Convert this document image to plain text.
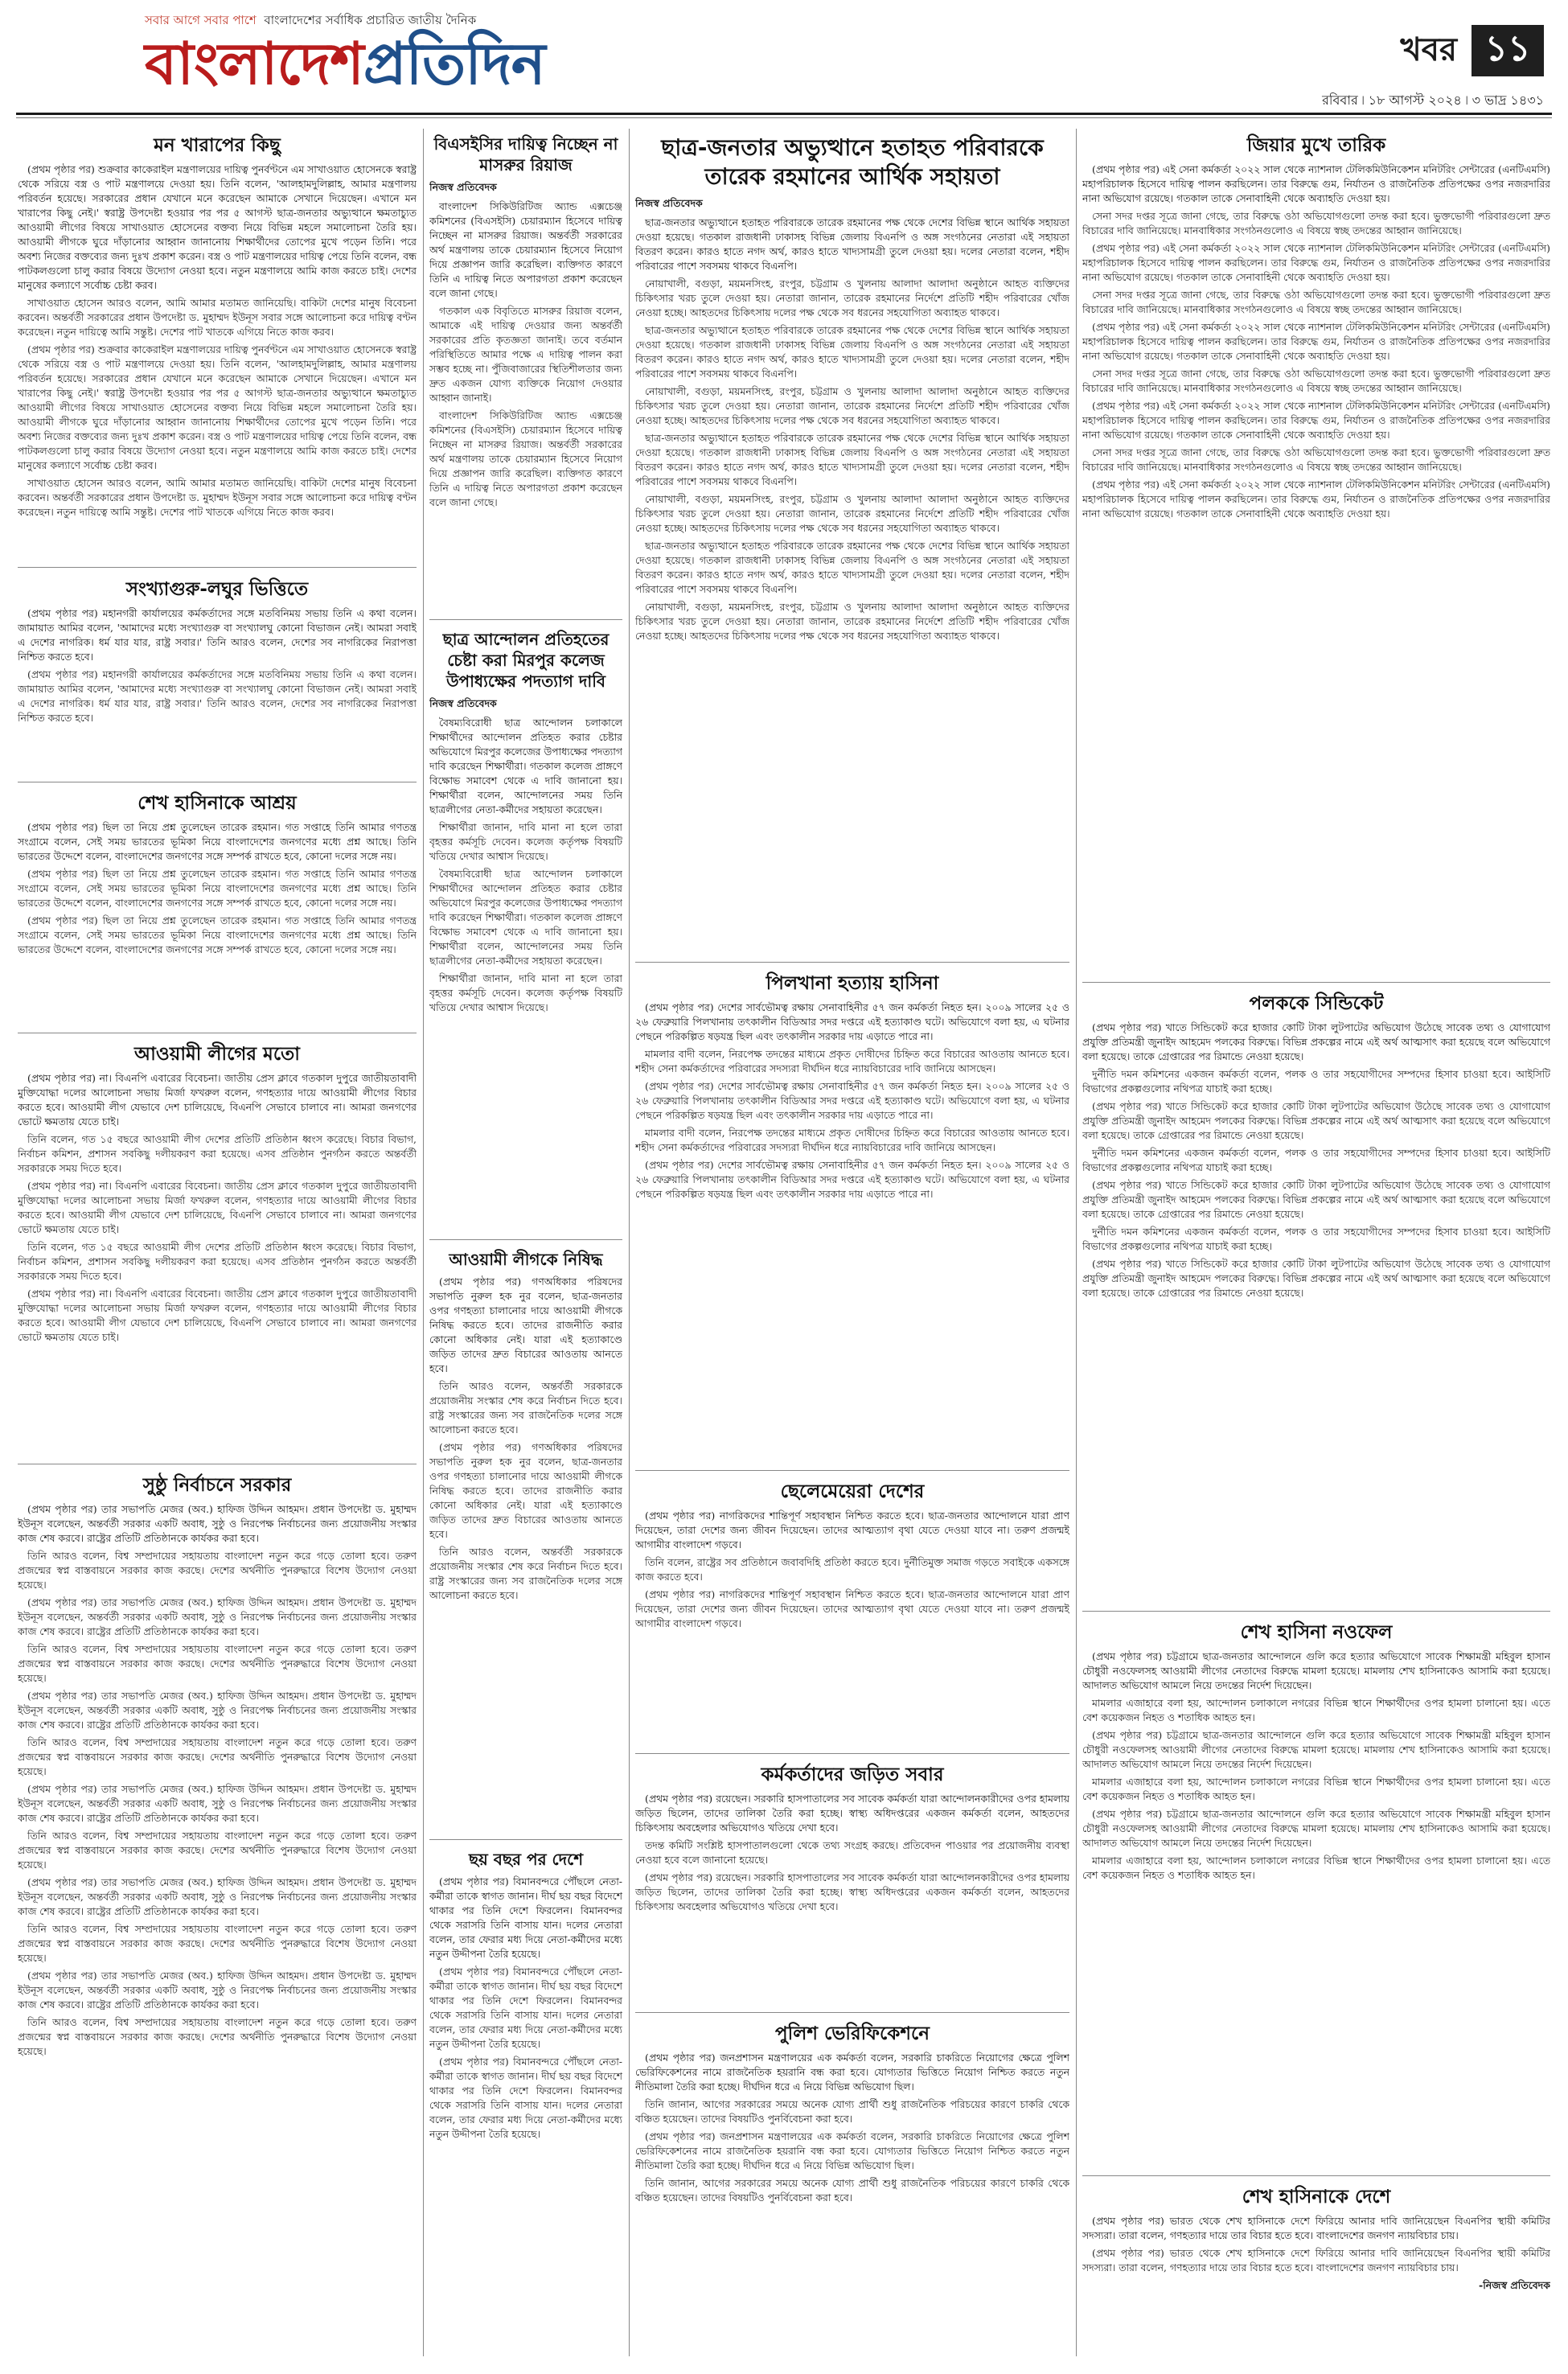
সবার আগে সবার পাশে বাংলাদেশের সর্বাধিক প্রচারিত জাতীয় দৈনিক
বাংলাদেশপ্রতিদিন	খবর ১১
রবিবার ৷ ১৮ আগস্ট ২০২৪ ৷ ৩ ভাদ্র ১৪৩১
মন খারাপের কিছু

(প্রথম পৃষ্ঠার পর) শুক্রবার কাকেরাইল মন্ত্রণালয়ের দায়িত্ব পুনর্বণ্টনে এম সাখাওয়াত হোসেনকে স্বরাষ্ট্র থেকে সরিয়ে বস্ত্র ও পাট মন্ত্রণালয়ে দেওয়া হয়। তিনি বলেন, 'আলহামদুলিল্লাহ, আমার মন্ত্রণালয় পরিবর্তন হয়েছে। সরকারের প্রধান যেখানে মনে করেছেন আমাকে সেখানে দিয়েছেন। এখানে মন খারাপের কিছু নেই।' স্বরাষ্ট্র উপদেষ্টা হওয়ার পর পর ৫ আগস্ট ছাত্র-জনতার অভ্যুত্থানে ক্ষমতাচ্যুত আওয়ামী লীগের বিষয়ে সাখাওয়াত হোসেনের বক্তব্য নিয়ে বিভিন্ন মহলে সমালোচনা তৈরি হয়। আওয়ামী লীগকে ঘুরে দাঁড়ানোর আহ্বান জানানোয় শিক্ষার্থীদের তোপের মুখে পড়েন তিনি। পরে অবশ্য নিজের বক্তব্যের জন্য দুঃখ প্রকাশ করেন। বস্ত্র ও পাট মন্ত্রণালয়ের দায়িত্ব পেয়ে তিনি বলেন, বন্ধ পাটকলগুলো চালু করার বিষয়ে উদ্যোগ নেওয়া হবে। নতুন মন্ত্রণালয়ে আমি কাজ করতে চাই। দেশের মানুষের কল্যাণে সর্বোচ্চ চেষ্টা করব।

সাখাওয়াত হোসেন আরও বলেন, আমি আমার মতামত জানিয়েছি। বাকিটা দেশের মানুষ বিবেচনা করবেন। অন্তর্বর্তী সরকারের প্রধান উপদেষ্টা ড. মুহাম্মদ ইউনূস সবার সঙ্গে আলোচনা করে দায়িত্ব বণ্টন করেছেন। নতুন দায়িত্বে আমি সন্তুষ্ট। দেশের পাট খাতকে এগিয়ে নিতে কাজ করব।

(প্রথম পৃষ্ঠার পর) শুক্রবার কাকেরাইল মন্ত্রণালয়ের দায়িত্ব পুনর্বণ্টনে এম সাখাওয়াত হোসেনকে স্বরাষ্ট্র থেকে সরিয়ে বস্ত্র ও পাট মন্ত্রণালয়ে দেওয়া হয়। তিনি বলেন, 'আলহামদুলিল্লাহ, আমার মন্ত্রণালয় পরিবর্তন হয়েছে। সরকারের প্রধান যেখানে মনে করেছেন আমাকে সেখানে দিয়েছেন। এখানে মন খারাপের কিছু নেই।' স্বরাষ্ট্র উপদেষ্টা হওয়ার পর পর ৫ আগস্ট ছাত্র-জনতার অভ্যুত্থানে ক্ষমতাচ্যুত আওয়ামী লীগের বিষয়ে সাখাওয়াত হোসেনের বক্তব্য নিয়ে বিভিন্ন মহলে সমালোচনা তৈরি হয়। আওয়ামী লীগকে ঘুরে দাঁড়ানোর আহ্বান জানানোয় শিক্ষার্থীদের তোপের মুখে পড়েন তিনি। পরে অবশ্য নিজের বক্তব্যের জন্য দুঃখ প্রকাশ করেন। বস্ত্র ও পাট মন্ত্রণালয়ের দায়িত্ব পেয়ে তিনি বলেন, বন্ধ পাটকলগুলো চালু করার বিষয়ে উদ্যোগ নেওয়া হবে। নতুন মন্ত্রণালয়ে আমি কাজ করতে চাই। দেশের মানুষের কল্যাণে সর্বোচ্চ চেষ্টা করব।

সাখাওয়াত হোসেন আরও বলেন, আমি আমার মতামত জানিয়েছি। বাকিটা দেশের মানুষ বিবেচনা করবেন। অন্তর্বর্তী সরকারের প্রধান উপদেষ্টা ড. মুহাম্মদ ইউনূস সবার সঙ্গে আলোচনা করে দায়িত্ব বণ্টন করেছেন। নতুন দায়িত্বে আমি সন্তুষ্ট। দেশের পাট খাতকে এগিয়ে নিতে কাজ করব।

সংখ্যাগুরু-লঘুর ভিত্তিতে

(প্রথম পৃষ্ঠার পর) মহানগরী কার্যালয়ের কর্মকর্তাদের সঙ্গে মতবিনিময় সভায় তিনি এ কথা বলেন। জামায়াত আমির বলেন, 'আমাদের মধ্যে সংখ্যাগুরু বা সংখ্যালঘু কোনো বিভাজন নেই। আমরা সবাই এ দেশের নাগরিক। ধর্ম যার যার, রাষ্ট্র সবার।' তিনি আরও বলেন, দেশের সব নাগরিকের নিরাপত্তা নিশ্চিত করতে হবে।

(প্রথম পৃষ্ঠার পর) মহানগরী কার্যালয়ের কর্মকর্তাদের সঙ্গে মতবিনিময় সভায় তিনি এ কথা বলেন। জামায়াত আমির বলেন, 'আমাদের মধ্যে সংখ্যাগুরু বা সংখ্যালঘু কোনো বিভাজন নেই। আমরা সবাই এ দেশের নাগরিক। ধর্ম যার যার, রাষ্ট্র সবার।' তিনি আরও বলেন, দেশের সব নাগরিকের নিরাপত্তা নিশ্চিত করতে হবে।

শেখ হাসিনাকে আশ্রয়

(প্রথম পৃষ্ঠার পর) ছিল তা নিয়ে প্রশ্ন তুলেছেন তারেক রহমান। গত সপ্তাহে তিনি আমার গণতন্ত্র সংগ্রামে বলেন, সেই সময় ভারতের ভূমিকা নিয়ে বাংলাদেশের জনগণের মধ্যে প্রশ্ন আছে। তিনি ভারতের উদ্দেশে বলেন, বাংলাদেশের জনগণের সঙ্গে সম্পর্ক রাখতে হবে, কোনো দলের সঙ্গে নয়।

(প্রথম পৃষ্ঠার পর) ছিল তা নিয়ে প্রশ্ন তুলেছেন তারেক রহমান। গত সপ্তাহে তিনি আমার গণতন্ত্র সংগ্রামে বলেন, সেই সময় ভারতের ভূমিকা নিয়ে বাংলাদেশের জনগণের মধ্যে প্রশ্ন আছে। তিনি ভারতের উদ্দেশে বলেন, বাংলাদেশের জনগণের সঙ্গে সম্পর্ক রাখতে হবে, কোনো দলের সঙ্গে নয়।

(প্রথম পৃষ্ঠার পর) ছিল তা নিয়ে প্রশ্ন তুলেছেন তারেক রহমান। গত সপ্তাহে তিনি আমার গণতন্ত্র সংগ্রামে বলেন, সেই সময় ভারতের ভূমিকা নিয়ে বাংলাদেশের জনগণের মধ্যে প্রশ্ন আছে। তিনি ভারতের উদ্দেশে বলেন, বাংলাদেশের জনগণের সঙ্গে সম্পর্ক রাখতে হবে, কোনো দলের সঙ্গে নয়।

আওয়ামী লীগের মতো

(প্রথম পৃষ্ঠার পর) না। বিএনপি এবারের বিবেচনা। জাতীয় প্রেস ক্লাবে গতকাল দুপুরে জাতীয়তাবাদী মুক্তিযোদ্ধা দলের আলোচনা সভায় মির্জা ফখরুল বলেন, গণহত্যার দায়ে আওয়ামী লীগের বিচার করতে হবে। আওয়ামী লীগ যেভাবে দেশ চালিয়েছে, বিএনপি সেভাবে চালাবে না। আমরা জনগণের ভোটে ক্ষমতায় যেতে চাই।

তিনি বলেন, গত ১৫ বছরে আওয়ামী লীগ দেশের প্রতিটি প্রতিষ্ঠান ধ্বংস করেছে। বিচার বিভাগ, নির্বাচন কমিশন, প্রশাসন সবকিছু দলীয়করণ করা হয়েছে। এসব প্রতিষ্ঠান পুনর্গঠন করতে অন্তর্বর্তী সরকারকে সময় দিতে হবে।

(প্রথম পৃষ্ঠার পর) না। বিএনপি এবারের বিবেচনা। জাতীয় প্রেস ক্লাবে গতকাল দুপুরে জাতীয়তাবাদী মুক্তিযোদ্ধা দলের আলোচনা সভায় মির্জা ফখরুল বলেন, গণহত্যার দায়ে আওয়ামী লীগের বিচার করতে হবে। আওয়ামী লীগ যেভাবে দেশ চালিয়েছে, বিএনপি সেভাবে চালাবে না। আমরা জনগণের ভোটে ক্ষমতায় যেতে চাই।

তিনি বলেন, গত ১৫ বছরে আওয়ামী লীগ দেশের প্রতিটি প্রতিষ্ঠান ধ্বংস করেছে। বিচার বিভাগ, নির্বাচন কমিশন, প্রশাসন সবকিছু দলীয়করণ করা হয়েছে। এসব প্রতিষ্ঠান পুনর্গঠন করতে অন্তর্বর্তী সরকারকে সময় দিতে হবে।

(প্রথম পৃষ্ঠার পর) না। বিএনপি এবারের বিবেচনা। জাতীয় প্রেস ক্লাবে গতকাল দুপুরে জাতীয়তাবাদী মুক্তিযোদ্ধা দলের আলোচনা সভায় মির্জা ফখরুল বলেন, গণহত্যার দায়ে আওয়ামী লীগের বিচার করতে হবে। আওয়ামী লীগ যেভাবে দেশ চালিয়েছে, বিএনপি সেভাবে চালাবে না। আমরা জনগণের ভোটে ক্ষমতায় যেতে চাই।

সুষ্ঠু নির্বাচনে সরকার

(প্রথম পৃষ্ঠার পর) তার সভাপতি মেজর (অব.) হাফিজ উদ্দিন আহমদ। প্রধান উপদেষ্টা ড. মুহাম্মদ ইউনূস বলেছেন, অন্তর্বর্তী সরকার একটি অবাধ, সুষ্ঠু ও নিরপেক্ষ নির্বাচনের জন্য প্রয়োজনীয় সংস্কার কাজ শেষ করবে। রাষ্ট্রের প্রতিটি প্রতিষ্ঠানকে কার্যকর করা হবে।

তিনি আরও বলেন, বিশ্ব সম্প্রদায়ের সহায়তায় বাংলাদেশ নতুন করে গড়ে তোলা হবে। তরুণ প্রজন্মের স্বপ্ন বাস্তবায়নে সরকার কাজ করছে। দেশের অর্থনীতি পুনরুদ্ধারে বিশেষ উদ্যোগ নেওয়া হয়েছে।

(প্রথম পৃষ্ঠার পর) তার সভাপতি মেজর (অব.) হাফিজ উদ্দিন আহমদ। প্রধান উপদেষ্টা ড. মুহাম্মদ ইউনূস বলেছেন, অন্তর্বর্তী সরকার একটি অবাধ, সুষ্ঠু ও নিরপেক্ষ নির্বাচনের জন্য প্রয়োজনীয় সংস্কার কাজ শেষ করবে। রাষ্ট্রের প্রতিটি প্রতিষ্ঠানকে কার্যকর করা হবে।

তিনি আরও বলেন, বিশ্ব সম্প্রদায়ের সহায়তায় বাংলাদেশ নতুন করে গড়ে তোলা হবে। তরুণ প্রজন্মের স্বপ্ন বাস্তবায়নে সরকার কাজ করছে। দেশের অর্থনীতি পুনরুদ্ধারে বিশেষ উদ্যোগ নেওয়া হয়েছে।

(প্রথম পৃষ্ঠার পর) তার সভাপতি মেজর (অব.) হাফিজ উদ্দিন আহমদ। প্রধান উপদেষ্টা ড. মুহাম্মদ ইউনূস বলেছেন, অন্তর্বর্তী সরকার একটি অবাধ, সুষ্ঠু ও নিরপেক্ষ নির্বাচনের জন্য প্রয়োজনীয় সংস্কার কাজ শেষ করবে। রাষ্ট্রের প্রতিটি প্রতিষ্ঠানকে কার্যকর করা হবে।

তিনি আরও বলেন, বিশ্ব সম্প্রদায়ের সহায়তায় বাংলাদেশ নতুন করে গড়ে তোলা হবে। তরুণ প্রজন্মের স্বপ্ন বাস্তবায়নে সরকার কাজ করছে। দেশের অর্থনীতি পুনরুদ্ধারে বিশেষ উদ্যোগ নেওয়া হয়েছে।

(প্রথম পৃষ্ঠার পর) তার সভাপতি মেজর (অব.) হাফিজ উদ্দিন আহমদ। প্রধান উপদেষ্টা ড. মুহাম্মদ ইউনূস বলেছেন, অন্তর্বর্তী সরকার একটি অবাধ, সুষ্ঠু ও নিরপেক্ষ নির্বাচনের জন্য প্রয়োজনীয় সংস্কার কাজ শেষ করবে। রাষ্ট্রের প্রতিটি প্রতিষ্ঠানকে কার্যকর করা হবে।

তিনি আরও বলেন, বিশ্ব সম্প্রদায়ের সহায়তায় বাংলাদেশ নতুন করে গড়ে তোলা হবে। তরুণ প্রজন্মের স্বপ্ন বাস্তবায়নে সরকার কাজ করছে। দেশের অর্থনীতি পুনরুদ্ধারে বিশেষ উদ্যোগ নেওয়া হয়েছে।

(প্রথম পৃষ্ঠার পর) তার সভাপতি মেজর (অব.) হাফিজ উদ্দিন আহমদ। প্রধান উপদেষ্টা ড. মুহাম্মদ ইউনূস বলেছেন, অন্তর্বর্তী সরকার একটি অবাধ, সুষ্ঠু ও নিরপেক্ষ নির্বাচনের জন্য প্রয়োজনীয় সংস্কার কাজ শেষ করবে। রাষ্ট্রের প্রতিটি প্রতিষ্ঠানকে কার্যকর করা হবে।

তিনি আরও বলেন, বিশ্ব সম্প্রদায়ের সহায়তায় বাংলাদেশ নতুন করে গড়ে তোলা হবে। তরুণ প্রজন্মের স্বপ্ন বাস্তবায়নে সরকার কাজ করছে। দেশের অর্থনীতি পুনরুদ্ধারে বিশেষ উদ্যোগ নেওয়া হয়েছে।

(প্রথম পৃষ্ঠার পর) তার সভাপতি মেজর (অব.) হাফিজ উদ্দিন আহমদ। প্রধান উপদেষ্টা ড. মুহাম্মদ ইউনূস বলেছেন, অন্তর্বর্তী সরকার একটি অবাধ, সুষ্ঠু ও নিরপেক্ষ নির্বাচনের জন্য প্রয়োজনীয় সংস্কার কাজ শেষ করবে। রাষ্ট্রের প্রতিটি প্রতিষ্ঠানকে কার্যকর করা হবে।

তিনি আরও বলেন, বিশ্ব সম্প্রদায়ের সহায়তায় বাংলাদেশ নতুন করে গড়ে তোলা হবে। তরুণ প্রজন্মের স্বপ্ন বাস্তবায়নে সরকার কাজ করছে। দেশের অর্থনীতি পুনরুদ্ধারে বিশেষ উদ্যোগ নেওয়া হয়েছে।

বিএসইসির দায়িত্ব নিচ্ছেন না মাসরুর রিয়াজ
নিজস্ব প্রতিবেদক

বাংলাদেশ সিকিউরিটিজ অ্যান্ড এক্সচেঞ্জ কমিশনের (বিএসইসি) চেয়ারম্যান হিসেবে দায়িত্ব নিচ্ছেন না মাসরুর রিয়াজ। অন্তর্বর্তী সরকারের অর্থ মন্ত্রণালয় তাকে চেয়ারম্যান হিসেবে নিয়োগ দিয়ে প্রজ্ঞাপন জারি করেছিল। ব্যক্তিগত কারণে তিনি এ দায়িত্ব নিতে অপারগতা প্রকাশ করেছেন বলে জানা গেছে।

গতকাল এক বিবৃতিতে মাসরুর রিয়াজ বলেন, আমাকে এই দায়িত্ব দেওয়ার জন্য অন্তর্বর্তী সরকারের প্রতি কৃতজ্ঞতা জানাই। তবে বর্তমান পরিস্থিতিতে আমার পক্ষে এ দায়িত্ব পালন করা সম্ভব হচ্ছে না। পুঁজিবাজারের স্থিতিশীলতার জন্য দ্রুত একজন যোগ্য ব্যক্তিকে নিয়োগ দেওয়ার আহ্বান জানাই।

বাংলাদেশ সিকিউরিটিজ অ্যান্ড এক্সচেঞ্জ কমিশনের (বিএসইসি) চেয়ারম্যান হিসেবে দায়িত্ব নিচ্ছেন না মাসরুর রিয়াজ। অন্তর্বর্তী সরকারের অর্থ মন্ত্রণালয় তাকে চেয়ারম্যান হিসেবে নিয়োগ দিয়ে প্রজ্ঞাপন জারি করেছিল। ব্যক্তিগত কারণে তিনি এ দায়িত্ব নিতে অপারগতা প্রকাশ করেছেন বলে জানা গেছে।

ছাত্র আন্দোলন প্রতিহতের চেষ্টা করা মিরপুর কলেজ উপাধ্যক্ষের পদত্যাগ দাবি
নিজস্ব প্রতিবেদক

বৈষম্যবিরোধী ছাত্র আন্দোলন চলাকালে শিক্ষার্থীদের আন্দোলন প্রতিহত করার চেষ্টার অভিযোগে মিরপুর কলেজের উপাধ্যক্ষের পদত্যাগ দাবি করেছেন শিক্ষার্থীরা। গতকাল কলেজ প্রাঙ্গণে বিক্ষোভ সমাবেশ থেকে এ দাবি জানানো হয়। শিক্ষার্থীরা বলেন, আন্দোলনের সময় তিনি ছাত্রলীগের নেতা-কর্মীদের সহায়তা করেছেন।

শিক্ষার্থীরা জানান, দাবি মানা না হলে তারা বৃহত্তর কর্মসূচি দেবেন। কলেজ কর্তৃপক্ষ বিষয়টি খতিয়ে দেখার আশ্বাস দিয়েছে।

বৈষম্যবিরোধী ছাত্র আন্দোলন চলাকালে শিক্ষার্থীদের আন্দোলন প্রতিহত করার চেষ্টার অভিযোগে মিরপুর কলেজের উপাধ্যক্ষের পদত্যাগ দাবি করেছেন শিক্ষার্থীরা। গতকাল কলেজ প্রাঙ্গণে বিক্ষোভ সমাবেশ থেকে এ দাবি জানানো হয়। শিক্ষার্থীরা বলেন, আন্দোলনের সময় তিনি ছাত্রলীগের নেতা-কর্মীদের সহায়তা করেছেন।

শিক্ষার্থীরা জানান, দাবি মানা না হলে তারা বৃহত্তর কর্মসূচি দেবেন। কলেজ কর্তৃপক্ষ বিষয়টি খতিয়ে দেখার আশ্বাস দিয়েছে।

আওয়ামী লীগকে নিষিদ্ধ

(প্রথম পৃষ্ঠার পর) গণঅধিকার পরিষদের সভাপতি নুরুল হক নুর বলেন, ছাত্র-জনতার ওপর গণহত্যা চালানোর দায়ে আওয়ামী লীগকে নিষিদ্ধ করতে হবে। তাদের রাজনীতি করার কোনো অধিকার নেই। যারা এই হত্যাকাণ্ডে জড়িত তাদের দ্রুত বিচারের আওতায় আনতে হবে।

তিনি আরও বলেন, অন্তর্বর্তী সরকারকে প্রয়োজনীয় সংস্কার শেষ করে নির্বাচন দিতে হবে। রাষ্ট্র সংস্কারের জন্য সব রাজনৈতিক দলের সঙ্গে আলোচনা করতে হবে।

(প্রথম পৃষ্ঠার পর) গণঅধিকার পরিষদের সভাপতি নুরুল হক নুর বলেন, ছাত্র-জনতার ওপর গণহত্যা চালানোর দায়ে আওয়ামী লীগকে নিষিদ্ধ করতে হবে। তাদের রাজনীতি করার কোনো অধিকার নেই। যারা এই হত্যাকাণ্ডে জড়িত তাদের দ্রুত বিচারের আওতায় আনতে হবে।

তিনি আরও বলেন, অন্তর্বর্তী সরকারকে প্রয়োজনীয় সংস্কার শেষ করে নির্বাচন দিতে হবে। রাষ্ট্র সংস্কারের জন্য সব রাজনৈতিক দলের সঙ্গে আলোচনা করতে হবে।

ছয় বছর পর দেশে

(প্রথম পৃষ্ঠার পর) বিমানবন্দরে পৌঁছলে নেতা-কর্মীরা তাকে স্বাগত জানান। দীর্ঘ ছয় বছর বিদেশে থাকার পর তিনি দেশে ফিরলেন। বিমানবন্দর থেকে সরাসরি তিনি বাসায় যান। দলের নেতারা বলেন, তার ফেরার মধ্য দিয়ে নেতা-কর্মীদের মধ্যে নতুন উদ্দীপনা তৈরি হয়েছে।

(প্রথম পৃষ্ঠার পর) বিমানবন্দরে পৌঁছলে নেতা-কর্মীরা তাকে স্বাগত জানান। দীর্ঘ ছয় বছর বিদেশে থাকার পর তিনি দেশে ফিরলেন। বিমানবন্দর থেকে সরাসরি তিনি বাসায় যান। দলের নেতারা বলেন, তার ফেরার মধ্য দিয়ে নেতা-কর্মীদের মধ্যে নতুন উদ্দীপনা তৈরি হয়েছে।

(প্রথম পৃষ্ঠার পর) বিমানবন্দরে পৌঁছলে নেতা-কর্মীরা তাকে স্বাগত জানান। দীর্ঘ ছয় বছর বিদেশে থাকার পর তিনি দেশে ফিরলেন। বিমানবন্দর থেকে সরাসরি তিনি বাসায় যান। দলের নেতারা বলেন, তার ফেরার মধ্য দিয়ে নেতা-কর্মীদের মধ্যে নতুন উদ্দীপনা তৈরি হয়েছে।

ছাত্র-জনতার অভ্যুত্থানে হতাহত পরিবারকে তারেক রহমানের আর্থিক সহায়তা
নিজস্ব প্রতিবেদক

ছাত্র-জনতার অভ্যুত্থানে হতাহত পরিবারকে তারেক রহমানের পক্ষ থেকে দেশের বিভিন্ন স্থানে আর্থিক সহায়তা দেওয়া হয়েছে। গতকাল রাজধানী ঢাকাসহ বিভিন্ন জেলায় বিএনপি ও অঙ্গ সংগঠনের নেতারা এই সহায়তা বিতরণ করেন। কারও হাতে নগদ অর্থ, কারও হাতে খাদ্যসামগ্রী তুলে দেওয়া হয়। দলের নেতারা বলেন, শহীদ পরিবারের পাশে সবসময় থাকবে বিএনপি।

নোয়াখালী, বগুড়া, ময়মনসিংহ, রংপুর, চট্টগ্রাম ও খুলনায় আলাদা আলাদা অনুষ্ঠানে আহত ব্যক্তিদের চিকিৎসার খরচ তুলে দেওয়া হয়। নেতারা জানান, তারেক রহমানের নির্দেশে প্রতিটি শহীদ পরিবারের খোঁজ নেওয়া হচ্ছে। আহতদের চিকিৎসায় দলের পক্ষ থেকে সব ধরনের সহযোগিতা অব্যাহত থাকবে।

ছাত্র-জনতার অভ্যুত্থানে হতাহত পরিবারকে তারেক রহমানের পক্ষ থেকে দেশের বিভিন্ন স্থানে আর্থিক সহায়তা দেওয়া হয়েছে। গতকাল রাজধানী ঢাকাসহ বিভিন্ন জেলায় বিএনপি ও অঙ্গ সংগঠনের নেতারা এই সহায়তা বিতরণ করেন। কারও হাতে নগদ অর্থ, কারও হাতে খাদ্যসামগ্রী তুলে দেওয়া হয়। দলের নেতারা বলেন, শহীদ পরিবারের পাশে সবসময় থাকবে বিএনপি।

নোয়াখালী, বগুড়া, ময়মনসিংহ, রংপুর, চট্টগ্রাম ও খুলনায় আলাদা আলাদা অনুষ্ঠানে আহত ব্যক্তিদের চিকিৎসার খরচ তুলে দেওয়া হয়। নেতারা জানান, তারেক রহমানের নির্দেশে প্রতিটি শহীদ পরিবারের খোঁজ নেওয়া হচ্ছে। আহতদের চিকিৎসায় দলের পক্ষ থেকে সব ধরনের সহযোগিতা অব্যাহত থাকবে।

ছাত্র-জনতার অভ্যুত্থানে হতাহত পরিবারকে তারেক রহমানের পক্ষ থেকে দেশের বিভিন্ন স্থানে আর্থিক সহায়তা দেওয়া হয়েছে। গতকাল রাজধানী ঢাকাসহ বিভিন্ন জেলায় বিএনপি ও অঙ্গ সংগঠনের নেতারা এই সহায়তা বিতরণ করেন। কারও হাতে নগদ অর্থ, কারও হাতে খাদ্যসামগ্রী তুলে দেওয়া হয়। দলের নেতারা বলেন, শহীদ পরিবারের পাশে সবসময় থাকবে বিএনপি।

নোয়াখালী, বগুড়া, ময়মনসিংহ, রংপুর, চট্টগ্রাম ও খুলনায় আলাদা আলাদা অনুষ্ঠানে আহত ব্যক্তিদের চিকিৎসার খরচ তুলে দেওয়া হয়। নেতারা জানান, তারেক রহমানের নির্দেশে প্রতিটি শহীদ পরিবারের খোঁজ নেওয়া হচ্ছে। আহতদের চিকিৎসায় দলের পক্ষ থেকে সব ধরনের সহযোগিতা অব্যাহত থাকবে।

ছাত্র-জনতার অভ্যুত্থানে হতাহত পরিবারকে তারেক রহমানের পক্ষ থেকে দেশের বিভিন্ন স্থানে আর্থিক সহায়তা দেওয়া হয়েছে। গতকাল রাজধানী ঢাকাসহ বিভিন্ন জেলায় বিএনপি ও অঙ্গ সংগঠনের নেতারা এই সহায়তা বিতরণ করেন। কারও হাতে নগদ অর্থ, কারও হাতে খাদ্যসামগ্রী তুলে দেওয়া হয়। দলের নেতারা বলেন, শহীদ পরিবারের পাশে সবসময় থাকবে বিএনপি।

নোয়াখালী, বগুড়া, ময়মনসিংহ, রংপুর, চট্টগ্রাম ও খুলনায় আলাদা আলাদা অনুষ্ঠানে আহত ব্যক্তিদের চিকিৎসার খরচ তুলে দেওয়া হয়। নেতারা জানান, তারেক রহমানের নির্দেশে প্রতিটি শহীদ পরিবারের খোঁজ নেওয়া হচ্ছে। আহতদের চিকিৎসায় দলের পক্ষ থেকে সব ধরনের সহযোগিতা অব্যাহত থাকবে।

পিলখানা হত্যায় হাসিনা

(প্রথম পৃষ্ঠার পর) দেশের সার্বভৌমত্ব রক্ষায় সেনাবাহিনীর ৫৭ জন কর্মকর্তা নিহত হন। ২০০৯ সালের ২৫ ও ২৬ ফেব্রুয়ারি পিলখানায় তৎকালীন বিডিআর সদর দপ্তরে এই হত্যাকাণ্ড ঘটে। অভিযোগে বলা হয়, এ ঘটনার পেছনে পরিকল্পিত ষড়যন্ত্র ছিল এবং তৎকালীন সরকার দায় এড়াতে পারে না।

মামলার বাদী বলেন, নিরপেক্ষ তদন্তের মাধ্যমে প্রকৃত দোষীদের চিহ্নিত করে বিচারের আওতায় আনতে হবে। শহীদ সেনা কর্মকর্তাদের পরিবারের সদস্যরা দীর্ঘদিন ধরে ন্যায়বিচারের দাবি জানিয়ে আসছেন।

(প্রথম পৃষ্ঠার পর) দেশের সার্বভৌমত্ব রক্ষায় সেনাবাহিনীর ৫৭ জন কর্মকর্তা নিহত হন। ২০০৯ সালের ২৫ ও ২৬ ফেব্রুয়ারি পিলখানায় তৎকালীন বিডিআর সদর দপ্তরে এই হত্যাকাণ্ড ঘটে। অভিযোগে বলা হয়, এ ঘটনার পেছনে পরিকল্পিত ষড়যন্ত্র ছিল এবং তৎকালীন সরকার দায় এড়াতে পারে না।

মামলার বাদী বলেন, নিরপেক্ষ তদন্তের মাধ্যমে প্রকৃত দোষীদের চিহ্নিত করে বিচারের আওতায় আনতে হবে। শহীদ সেনা কর্মকর্তাদের পরিবারের সদস্যরা দীর্ঘদিন ধরে ন্যায়বিচারের দাবি জানিয়ে আসছেন।

(প্রথম পৃষ্ঠার পর) দেশের সার্বভৌমত্ব রক্ষায় সেনাবাহিনীর ৫৭ জন কর্মকর্তা নিহত হন। ২০০৯ সালের ২৫ ও ২৬ ফেব্রুয়ারি পিলখানায় তৎকালীন বিডিআর সদর দপ্তরে এই হত্যাকাণ্ড ঘটে। অভিযোগে বলা হয়, এ ঘটনার পেছনে পরিকল্পিত ষড়যন্ত্র ছিল এবং তৎকালীন সরকার দায় এড়াতে পারে না।

ছেলেমেয়েরা দেশের

(প্রথম পৃষ্ঠার পর) নাগরিকদের শান্তিপূর্ণ সহাবস্থান নিশ্চিত করতে হবে। ছাত্র-জনতার আন্দোলনে যারা প্রাণ দিয়েছেন, তারা দেশের জন্য জীবন দিয়েছেন। তাদের আত্মত্যাগ বৃথা যেতে দেওয়া যাবে না। তরুণ প্রজন্মই আগামীর বাংলাদেশ গড়বে।

তিনি বলেন, রাষ্ট্রের সব প্রতিষ্ঠানে জবাবদিহি প্রতিষ্ঠা করতে হবে। দুর্নীতিমুক্ত সমাজ গড়তে সবাইকে একসঙ্গে কাজ করতে হবে।

(প্রথম পৃষ্ঠার পর) নাগরিকদের শান্তিপূর্ণ সহাবস্থান নিশ্চিত করতে হবে। ছাত্র-জনতার আন্দোলনে যারা প্রাণ দিয়েছেন, তারা দেশের জন্য জীবন দিয়েছেন। তাদের আত্মত্যাগ বৃথা যেতে দেওয়া যাবে না। তরুণ প্রজন্মই আগামীর বাংলাদেশ গড়বে।

কর্মকর্তাদের জড়িত সবার

(প্রথম পৃষ্ঠার পর) রয়েছেন। সরকারি হাসপাতালের সব সাবেক কর্মকর্তা যারা আন্দোলনকারীদের ওপর হামলায় জড়িত ছিলেন, তাদের তালিকা তৈরি করা হচ্ছে। স্বাস্থ্য অধিদপ্তরের একজন কর্মকর্তা বলেন, আহতদের চিকিৎসায় অবহেলার অভিযোগও খতিয়ে দেখা হবে।

তদন্ত কমিটি সংশ্লিষ্ট হাসপাতালগুলো থেকে তথ্য সংগ্রহ করছে। প্রতিবেদন পাওয়ার পর প্রয়োজনীয় ব্যবস্থা নেওয়া হবে বলে জানানো হয়েছে।

(প্রথম পৃষ্ঠার পর) রয়েছেন। সরকারি হাসপাতালের সব সাবেক কর্মকর্তা যারা আন্দোলনকারীদের ওপর হামলায় জড়িত ছিলেন, তাদের তালিকা তৈরি করা হচ্ছে। স্বাস্থ্য অধিদপ্তরের একজন কর্মকর্তা বলেন, আহতদের চিকিৎসায় অবহেলার অভিযোগও খতিয়ে দেখা হবে।

পুলিশ ভেরিফিকেশনে

(প্রথম পৃষ্ঠার পর) জনপ্রশাসন মন্ত্রণালয়ের এক কর্মকর্তা বলেন, সরকারি চাকরিতে নিয়োগের ক্ষেত্রে পুলিশ ভেরিফিকেশনের নামে রাজনৈতিক হয়রানি বন্ধ করা হবে। যোগ্যতার ভিত্তিতে নিয়োগ নিশ্চিত করতে নতুন নীতিমালা তৈরি করা হচ্ছে। দীর্ঘদিন ধরে এ নিয়ে বিভিন্ন অভিযোগ ছিল।

তিনি জানান, আগের সরকারের সময়ে অনেক যোগ্য প্রার্থী শুধু রাজনৈতিক পরিচয়ের কারণে চাকরি থেকে বঞ্চিত হয়েছেন। তাদের বিষয়টিও পুনর্বিবেচনা করা হবে।

(প্রথম পৃষ্ঠার পর) জনপ্রশাসন মন্ত্রণালয়ের এক কর্মকর্তা বলেন, সরকারি চাকরিতে নিয়োগের ক্ষেত্রে পুলিশ ভেরিফিকেশনের নামে রাজনৈতিক হয়রানি বন্ধ করা হবে। যোগ্যতার ভিত্তিতে নিয়োগ নিশ্চিত করতে নতুন নীতিমালা তৈরি করা হচ্ছে। দীর্ঘদিন ধরে এ নিয়ে বিভিন্ন অভিযোগ ছিল।

তিনি জানান, আগের সরকারের সময়ে অনেক যোগ্য প্রার্থী শুধু রাজনৈতিক পরিচয়ের কারণে চাকরি থেকে বঞ্চিত হয়েছেন। তাদের বিষয়টিও পুনর্বিবেচনা করা হবে।

জিয়ার মুখে তারিক

(প্রথম পৃষ্ঠার পর) এই সেনা কর্মকর্তা ২০২২ সাল থেকে ন্যাশনাল টেলিকমিউনিকেশন মনিটরিং সেন্টারের (এনটিএমসি) মহাপরিচালক হিসেবে দায়িত্ব পালন করছিলেন। তার বিরুদ্ধে গুম, নির্যাতন ও রাজনৈতিক প্রতিপক্ষের ওপর নজরদারির নানা অভিযোগ রয়েছে। গতকাল তাকে সেনাবাহিনী থেকে অব্যাহতি দেওয়া হয়।

সেনা সদর দপ্তর সূত্রে জানা গেছে, তার বিরুদ্ধে ওঠা অভিযোগগুলো তদন্ত করা হবে। ভুক্তভোগী পরিবারগুলো দ্রুত বিচারের দাবি জানিয়েছে। মানবাধিকার সংগঠনগুলোও এ বিষয়ে স্বচ্ছ তদন্তের আহ্বান জানিয়েছে।

(প্রথম পৃষ্ঠার পর) এই সেনা কর্মকর্তা ২০২২ সাল থেকে ন্যাশনাল টেলিকমিউনিকেশন মনিটরিং সেন্টারের (এনটিএমসি) মহাপরিচালক হিসেবে দায়িত্ব পালন করছিলেন। তার বিরুদ্ধে গুম, নির্যাতন ও রাজনৈতিক প্রতিপক্ষের ওপর নজরদারির নানা অভিযোগ রয়েছে। গতকাল তাকে সেনাবাহিনী থেকে অব্যাহতি দেওয়া হয়।

সেনা সদর দপ্তর সূত্রে জানা গেছে, তার বিরুদ্ধে ওঠা অভিযোগগুলো তদন্ত করা হবে। ভুক্তভোগী পরিবারগুলো দ্রুত বিচারের দাবি জানিয়েছে। মানবাধিকার সংগঠনগুলোও এ বিষয়ে স্বচ্ছ তদন্তের আহ্বান জানিয়েছে।

(প্রথম পৃষ্ঠার পর) এই সেনা কর্মকর্তা ২০২২ সাল থেকে ন্যাশনাল টেলিকমিউনিকেশন মনিটরিং সেন্টারের (এনটিএমসি) মহাপরিচালক হিসেবে দায়িত্ব পালন করছিলেন। তার বিরুদ্ধে গুম, নির্যাতন ও রাজনৈতিক প্রতিপক্ষের ওপর নজরদারির নানা অভিযোগ রয়েছে। গতকাল তাকে সেনাবাহিনী থেকে অব্যাহতি দেওয়া হয়।

সেনা সদর দপ্তর সূত্রে জানা গেছে, তার বিরুদ্ধে ওঠা অভিযোগগুলো তদন্ত করা হবে। ভুক্তভোগী পরিবারগুলো দ্রুত বিচারের দাবি জানিয়েছে। মানবাধিকার সংগঠনগুলোও এ বিষয়ে স্বচ্ছ তদন্তের আহ্বান জানিয়েছে।

(প্রথম পৃষ্ঠার পর) এই সেনা কর্মকর্তা ২০২২ সাল থেকে ন্যাশনাল টেলিকমিউনিকেশন মনিটরিং সেন্টারের (এনটিএমসি) মহাপরিচালক হিসেবে দায়িত্ব পালন করছিলেন। তার বিরুদ্ধে গুম, নির্যাতন ও রাজনৈতিক প্রতিপক্ষের ওপর নজরদারির নানা অভিযোগ রয়েছে। গতকাল তাকে সেনাবাহিনী থেকে অব্যাহতি দেওয়া হয়।

সেনা সদর দপ্তর সূত্রে জানা গেছে, তার বিরুদ্ধে ওঠা অভিযোগগুলো তদন্ত করা হবে। ভুক্তভোগী পরিবারগুলো দ্রুত বিচারের দাবি জানিয়েছে। মানবাধিকার সংগঠনগুলোও এ বিষয়ে স্বচ্ছ তদন্তের আহ্বান জানিয়েছে।

(প্রথম পৃষ্ঠার পর) এই সেনা কর্মকর্তা ২০২২ সাল থেকে ন্যাশনাল টেলিকমিউনিকেশন মনিটরিং সেন্টারের (এনটিএমসি) মহাপরিচালক হিসেবে দায়িত্ব পালন করছিলেন। তার বিরুদ্ধে গুম, নির্যাতন ও রাজনৈতিক প্রতিপক্ষের ওপর নজরদারির নানা অভিযোগ রয়েছে। গতকাল তাকে সেনাবাহিনী থেকে অব্যাহতি দেওয়া হয়।

পলককে সিন্ডিকেট

(প্রথম পৃষ্ঠার পর) খাতে সিন্ডিকেট করে হাজার কোটি টাকা লুটপাটের অভিযোগ উঠেছে সাবেক তথ্য ও যোগাযোগ প্রযুক্তি প্রতিমন্ত্রী জুনাইদ আহমেদ পলকের বিরুদ্ধে। বিভিন্ন প্রকল্পের নামে এই অর্থ আত্মসাৎ করা হয়েছে বলে অভিযোগে বলা হয়েছে। তাকে গ্রেপ্তারের পর রিমান্ডে নেওয়া হয়েছে।

দুর্নীতি দমন কমিশনের একজন কর্মকর্তা বলেন, পলক ও তার সহযোগীদের সম্পদের হিসাব চাওয়া হবে। আইসিটি বিভাগের প্রকল্পগুলোর নথিপত্র যাচাই করা হচ্ছে।

(প্রথম পৃষ্ঠার পর) খাতে সিন্ডিকেট করে হাজার কোটি টাকা লুটপাটের অভিযোগ উঠেছে সাবেক তথ্য ও যোগাযোগ প্রযুক্তি প্রতিমন্ত্রী জুনাইদ আহমেদ পলকের বিরুদ্ধে। বিভিন্ন প্রকল্পের নামে এই অর্থ আত্মসাৎ করা হয়েছে বলে অভিযোগে বলা হয়েছে। তাকে গ্রেপ্তারের পর রিমান্ডে নেওয়া হয়েছে।

দুর্নীতি দমন কমিশনের একজন কর্মকর্তা বলেন, পলক ও তার সহযোগীদের সম্পদের হিসাব চাওয়া হবে। আইসিটি বিভাগের প্রকল্পগুলোর নথিপত্র যাচাই করা হচ্ছে।

(প্রথম পৃষ্ঠার পর) খাতে সিন্ডিকেট করে হাজার কোটি টাকা লুটপাটের অভিযোগ উঠেছে সাবেক তথ্য ও যোগাযোগ প্রযুক্তি প্রতিমন্ত্রী জুনাইদ আহমেদ পলকের বিরুদ্ধে। বিভিন্ন প্রকল্পের নামে এই অর্থ আত্মসাৎ করা হয়েছে বলে অভিযোগে বলা হয়েছে। তাকে গ্রেপ্তারের পর রিমান্ডে নেওয়া হয়েছে।

দুর্নীতি দমন কমিশনের একজন কর্মকর্তা বলেন, পলক ও তার সহযোগীদের সম্পদের হিসাব চাওয়া হবে। আইসিটি বিভাগের প্রকল্পগুলোর নথিপত্র যাচাই করা হচ্ছে।

(প্রথম পৃষ্ঠার পর) খাতে সিন্ডিকেট করে হাজার কোটি টাকা লুটপাটের অভিযোগ উঠেছে সাবেক তথ্য ও যোগাযোগ প্রযুক্তি প্রতিমন্ত্রী জুনাইদ আহমেদ পলকের বিরুদ্ধে। বিভিন্ন প্রকল্পের নামে এই অর্থ আত্মসাৎ করা হয়েছে বলে অভিযোগে বলা হয়েছে। তাকে গ্রেপ্তারের পর রিমান্ডে নেওয়া হয়েছে।

শেখ হাসিনা নওফেল

(প্রথম পৃষ্ঠার পর) চট্টগ্রামে ছাত্র-জনতার আন্দোলনে গুলি করে হত্যার অভিযোগে সাবেক শিক্ষামন্ত্রী মহিবুল হাসান চৌধুরী নওফেলসহ আওয়ামী লীগের নেতাদের বিরুদ্ধে মামলা হয়েছে। মামলায় শেখ হাসিনাকেও আসামি করা হয়েছে। আদালত অভিযোগ আমলে নিয়ে তদন্তের নির্দেশ দিয়েছেন।

মামলার এজাহারে বলা হয়, আন্দোলন চলাকালে নগরের বিভিন্ন স্থানে শিক্ষার্থীদের ওপর হামলা চালানো হয়। এতে বেশ কয়েকজন নিহত ও শতাধিক আহত হন।

(প্রথম পৃষ্ঠার পর) চট্টগ্রামে ছাত্র-জনতার আন্দোলনে গুলি করে হত্যার অভিযোগে সাবেক শিক্ষামন্ত্রী মহিবুল হাসান চৌধুরী নওফেলসহ আওয়ামী লীগের নেতাদের বিরুদ্ধে মামলা হয়েছে। মামলায় শেখ হাসিনাকেও আসামি করা হয়েছে। আদালত অভিযোগ আমলে নিয়ে তদন্তের নির্দেশ দিয়েছেন।

মামলার এজাহারে বলা হয়, আন্দোলন চলাকালে নগরের বিভিন্ন স্থানে শিক্ষার্থীদের ওপর হামলা চালানো হয়। এতে বেশ কয়েকজন নিহত ও শতাধিক আহত হন।

(প্রথম পৃষ্ঠার পর) চট্টগ্রামে ছাত্র-জনতার আন্দোলনে গুলি করে হত্যার অভিযোগে সাবেক শিক্ষামন্ত্রী মহিবুল হাসান চৌধুরী নওফেলসহ আওয়ামী লীগের নেতাদের বিরুদ্ধে মামলা হয়েছে। মামলায় শেখ হাসিনাকেও আসামি করা হয়েছে। আদালত অভিযোগ আমলে নিয়ে তদন্তের নির্দেশ দিয়েছেন।

মামলার এজাহারে বলা হয়, আন্দোলন চলাকালে নগরের বিভিন্ন স্থানে শিক্ষার্থীদের ওপর হামলা চালানো হয়। এতে বেশ কয়েকজন নিহত ও শতাধিক আহত হন।

শেখ হাসিনাকে দেশে

(প্রথম পৃষ্ঠার পর) ভারত থেকে শেখ হাসিনাকে দেশে ফিরিয়ে আনার দাবি জানিয়েছেন বিএনপির স্থায়ী কমিটির সদস্যরা। তারা বলেন, গণহত্যার দায়ে তার বিচার হতে হবে। বাংলাদেশের জনগণ ন্যায়বিচার চায়।

(প্রথম পৃষ্ঠার পর) ভারত থেকে শেখ হাসিনাকে দেশে ফিরিয়ে আনার দাবি জানিয়েছেন বিএনপির স্থায়ী কমিটির সদস্যরা। তারা বলেন, গণহত্যার দায়ে তার বিচার হতে হবে। বাংলাদেশের জনগণ ন্যায়বিচার চায়।

-নিজস্ব প্রতিবেদক
